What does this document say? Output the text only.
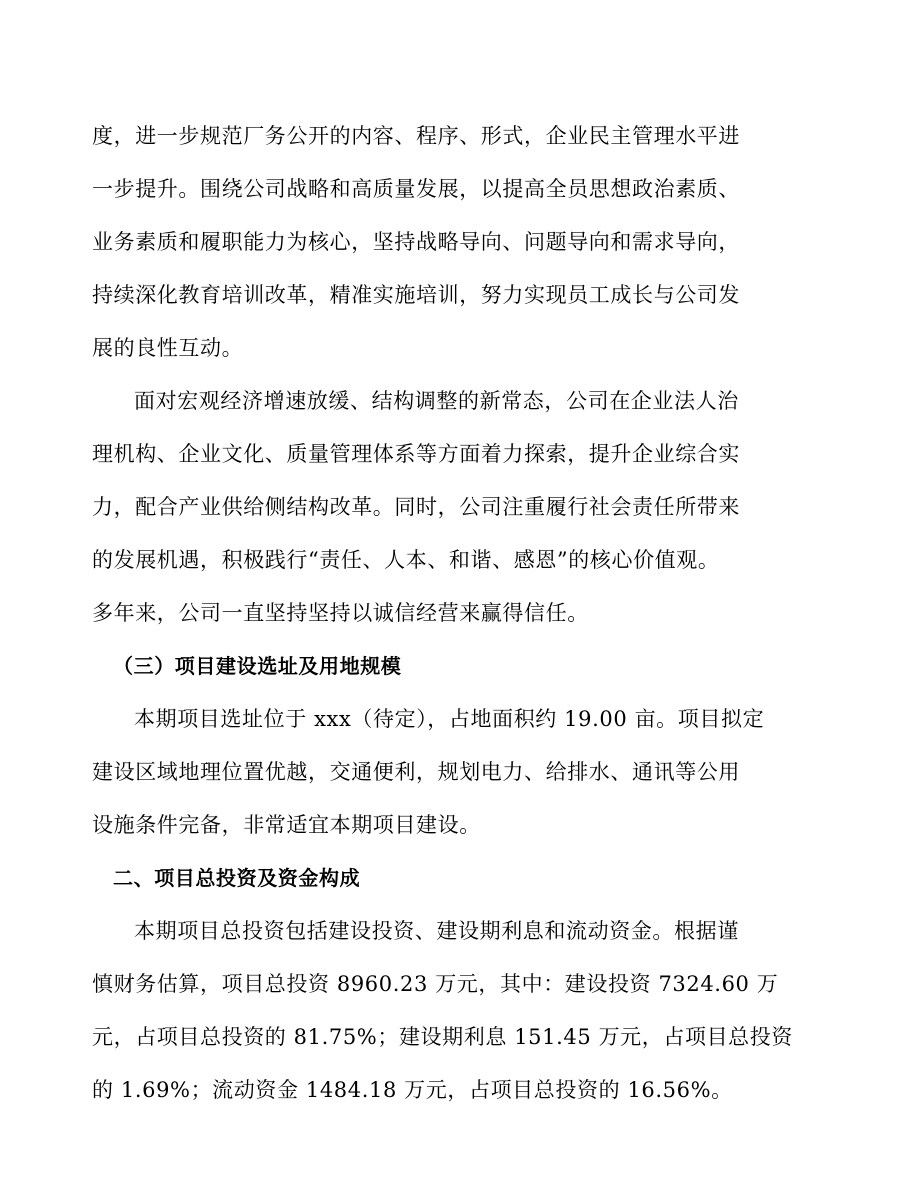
度，进一步规范厂务公开的内容、程序、形式，企业民主管理水平进
一步提升。围绕公司战略和高质量发展，以提高全员思想政治素质、
业务素质和履职能力为核心，坚持战略导向、问题导向和需求导向，
持续深化教育培训改革，精准实施培训，努力实现员工成长与公司发
展的良性互动。
面对宏观经济增速放缓、结构调整的新常态，公司在企业法人治
理机构、企业文化、质量管理体系等方面着力探索，提升企业综合实
力，配合产业供给侧结构改革。同时，公司注重履行社会责任所带来
的发展机遇，积极践行“责任、人本、和谐、感恩”的核心价值观。
多年来，公司一直坚持坚持以诚信经营来赢得信任。
（三）项目建设选址及用地规模
本期项目选址位于 xxx（待定），占地面积约 19.00 亩。项目拟定
建设区域地理位置优越，交通便利，规划电力、给排水、通讯等公用
设施条件完备，非常适宜本期项目建设。
二、项目总投资及资金构成
本期项目总投资包括建设投资、建设期利息和流动资金。根据谨
慎财务估算，项目总投资 8960.23 万元，其中：建设投资 7324.60 万
元，占项目总投资的 81.75%；建设期利息 151.45 万元，占项目总投资
的 1.69%；流动资金 1484.18 万元，占项目总投资的 16.56%。
